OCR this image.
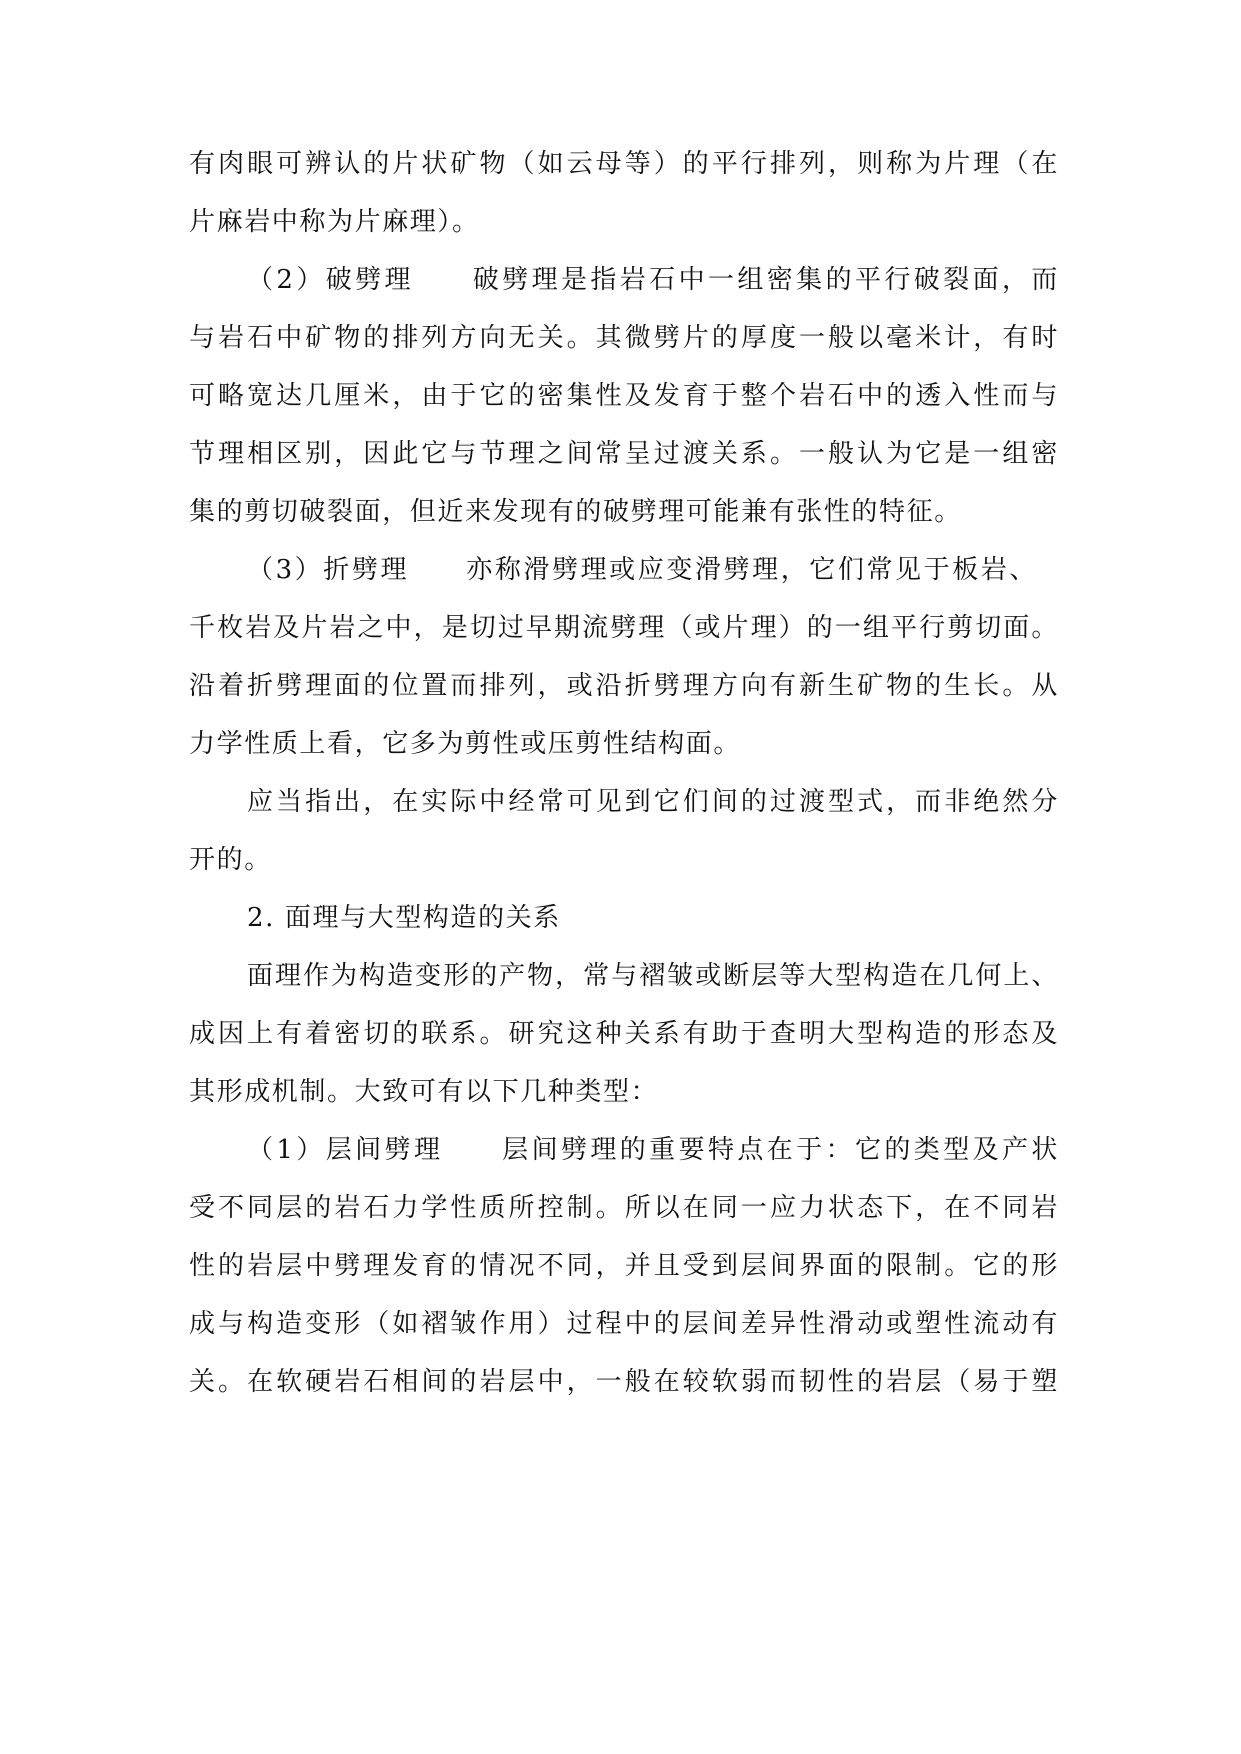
有肉眼可辨认的片状矿物（如云母等）的平行排列，则称为片理（在
片麻岩中称为片麻理）。
（2）破劈理　　破劈理是指岩石中一组密集的平行破裂面，而
与岩石中矿物的排列方向无关。其微劈片的厚度一般以毫米计，有时
可略宽达几厘米，由于它的密集性及发育于整个岩石中的透入性而与
节理相区别，因此它与节理之间常呈过渡关系。一般认为它是一组密
集的剪切破裂面，但近来发现有的破劈理可能兼有张性的特征。
（3）折劈理　　亦称滑劈理或应变滑劈理，它们常见于板岩、
千枚岩及片岩之中，是切过早期流劈理（或片理）的一组平行剪切面。
沿着折劈理面的位置而排列，或沿折劈理方向有新生矿物的生长。从
力学性质上看，它多为剪性或压剪性结构面。
应当指出，在实际中经常可见到它们间的过渡型式，而非绝然分
开的。
2. 面理与大型构造的关系
面理作为构造变形的产物，常与褶皱或断层等大型构造在几何上、
成因上有着密切的联系。研究这种关系有助于查明大型构造的形态及
其形成机制。大致可有以下几种类型：
（1）层间劈理　　层间劈理的重要特点在于：它的类型及产状
受不同层的岩石力学性质所控制。所以在同一应力状态下，在不同岩
性的岩层中劈理发育的情况不同，并且受到层间界面的限制。它的形
成与构造变形（如褶皱作用）过程中的层间差异性滑动或塑性流动有
关。在软硬岩石相间的岩层中，一般在较软弱而韧性的岩层（易于塑
